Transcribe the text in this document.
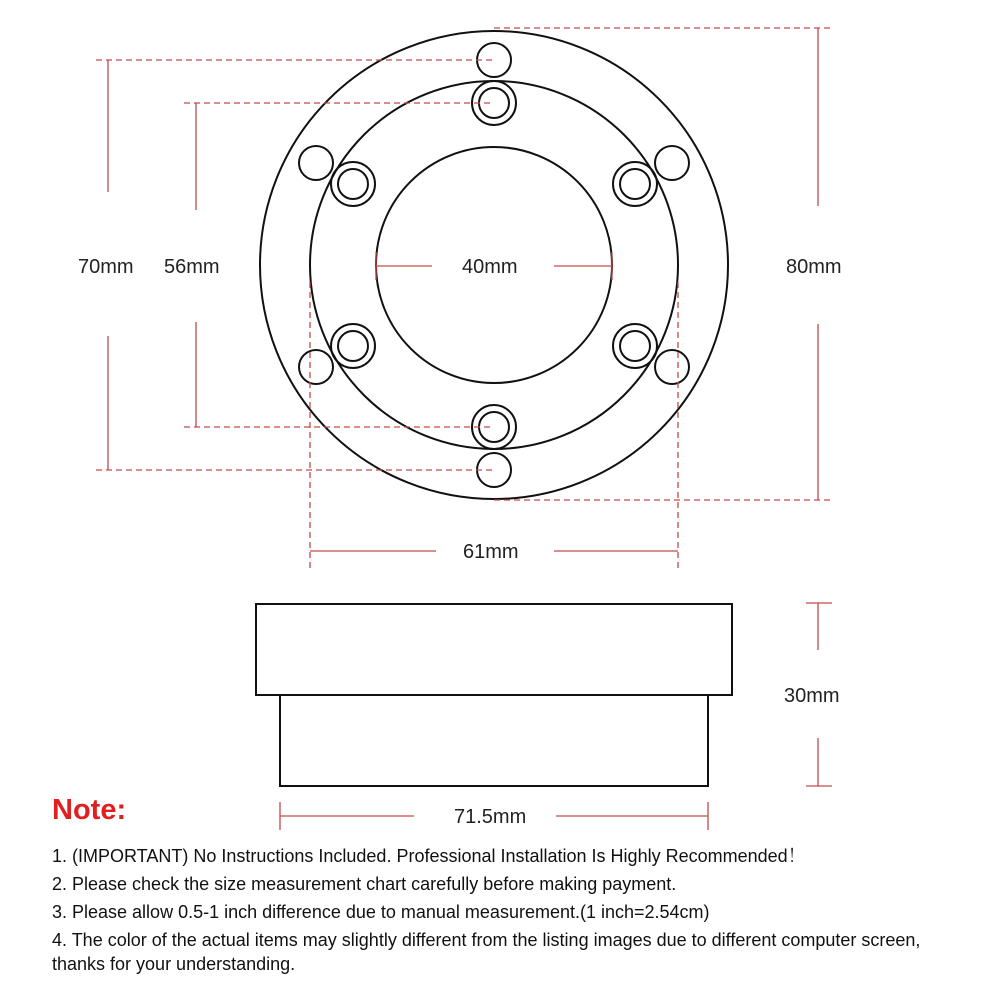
70mm 56mm	40mm	80mm
61mm
30mm
71.5mm
Note:
1. (IMPORTANT) No Instructions Included. Professional Installation Is Highly Recommended！
2. Please check the size measurement chart carefully before making payment.
3. Please allow 0.5-1 inch difference due to manual measurement.(1 inch=2.54cm)
4. The color of the actual items may slightly different from the listing images due to different computer screen, thanks for your understanding.
